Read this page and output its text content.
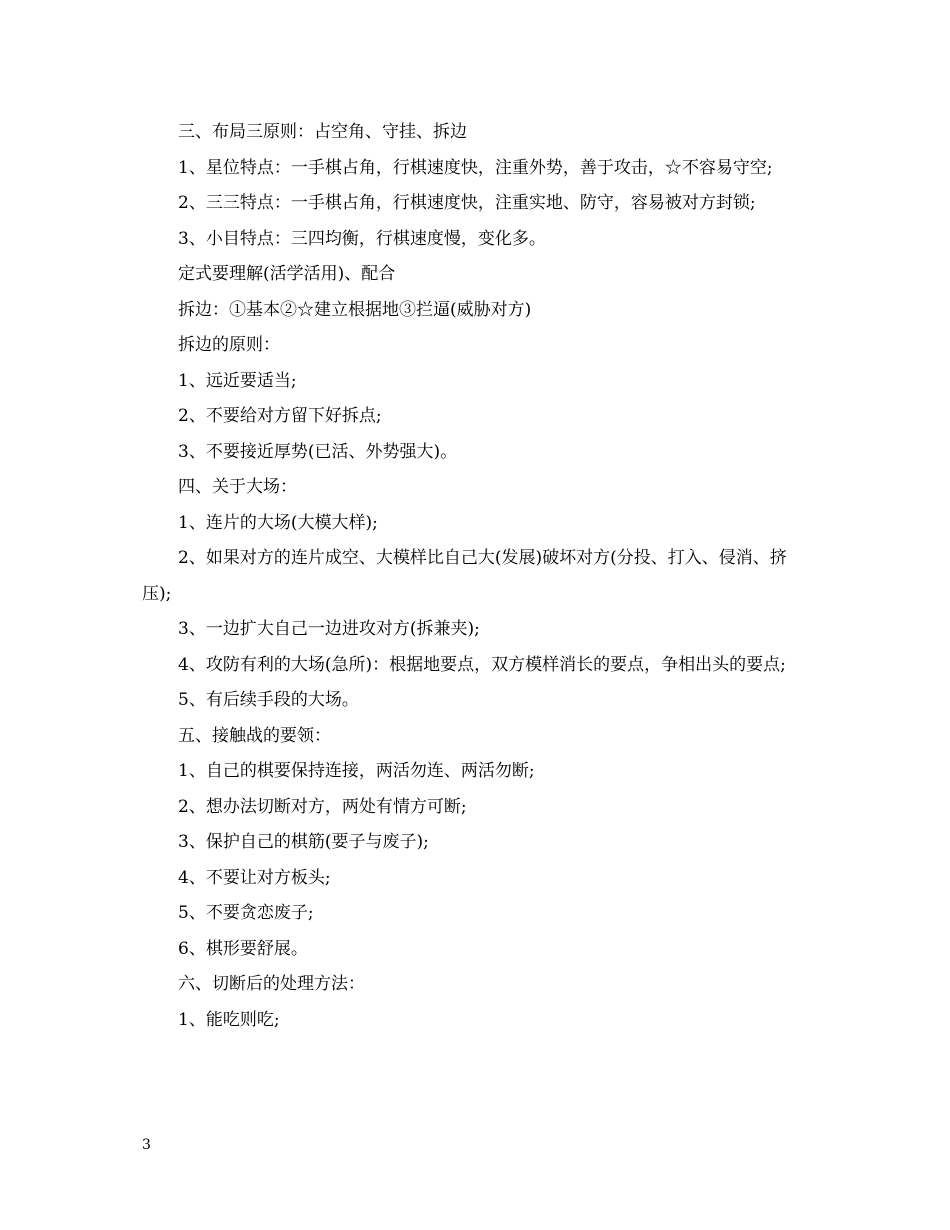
三、布局三原则：占空角、守挂、拆边

1、星位特点：一手棋占角，行棋速度快，注重外势，善于攻击，☆不容易守空;

2、三三特点：一手棋占角，行棋速度快，注重实地、防守，容易被对方封锁;

3、小目特点：三四均衡，行棋速度慢，变化多。

定式要理解(活学活用)、配合

拆边：①基本②☆建立根据地③拦逼(威胁对方)

拆边的原则：

1、远近要适当;

2、不要给对方留下好拆点;

3、不要接近厚势(已活、外势强大)。

四、关于大场：

1、连片的大场(大模大样);

2、如果对方的连片成空、大模样比自己大(发展)破坏对方(分投、打入、侵消、挤压);

3、一边扩大自己一边进攻对方(拆兼夹);

4、攻防有利的大场(急所)：根据地要点，双方模样消长的要点，争相出头的要点;

5、有后续手段的大场。

五、接触战的要领：

1、自己的棋要保持连接，两活勿连、两活勿断;

2、想办法切断对方，两处有情方可断;

3、保护自己的棋筋(要子与废子);

4、不要让对方板头;

5、不要贪恋废子;

6、棋形要舒展。

六、切断后的处理方法：

1、能吃则吃;

3
